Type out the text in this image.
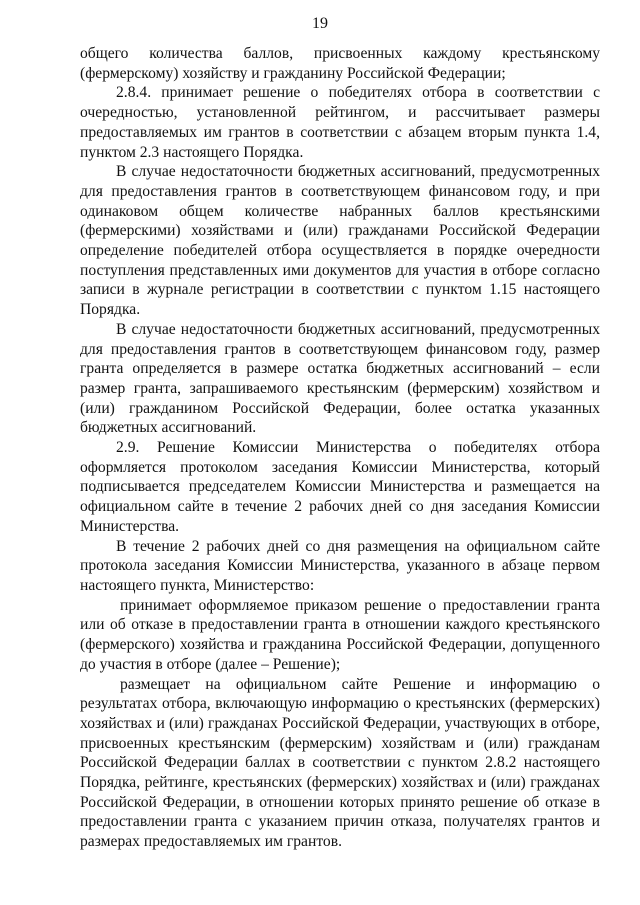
19

общего количества баллов, присвоенных каждому крестьянскому (фермерскому) хозяйству и гражданину Российской Федерации;

2.8.4. принимает решение о победителях отбора в соответствии с очередностью, установленной рейтингом, и рассчитывает размеры предоставляемых им грантов в соответствии с абзацем вторым пункта 1.4, пунктом 2.3 настоящего Порядка.

В случае недостаточности бюджетных ассигнований, предусмотренных для предоставления грантов в соответствующем финансовом году, и при одинаковом общем количестве набранных баллов крестьянскими (фермерскими) хозяйствами и (или) гражданами Российской Федерации определение победителей отбора осуществляется в порядке очередности поступления представленных ими документов для участия в отборе согласно записи в журнале регистрации в соответствии с пунктом 1.15 настоящего Порядка.

В случае недостаточности бюджетных ассигнований, предусмотренных для предоставления грантов в соответствующем финансовом году, размер гранта определяется в размере остатка бюджетных ассигнований – если размер гранта, запрашиваемого крестьянским (фермерским) хозяйством и (или) гражданином Российской Федерации, более остатка указанных бюджетных ассигнований.

2.9. Решение Комиссии Министерства о победителях отбора оформляется протоколом заседания Комиссии Министерства, который подписывается председателем Комиссии Министерства и размещается на официальном сайте в течение 2 рабочих дней со дня заседания Комиссии Министерства.

В течение 2 рабочих дней со дня размещения на официальном сайте протокола заседания Комиссии Министерства, указанного в абзаце первом настоящего пункта, Министерство:

принимает оформляемое приказом решение о предоставлении гранта или об отказе в предоставлении гранта в отношении каждого крестьянского (фермерского) хозяйства и гражданина Российской Федерации, допущенного до участия в отборе (далее – Решение);

размещает на официальном сайте Решение и информацию о результатах отбора, включающую информацию о крестьянских (фермерских) хозяйствах и (или) гражданах Российской Федерации, участвующих в отборе, присвоенных крестьянским (фермерским) хозяйствам и (или) гражданам Российской Федерации баллах в соответствии с пунктом 2.8.2 настоящего Порядка, рейтинге, крестьянских (фермерских) хозяйствах и (или) гражданах Российской Федерации, в отношении которых принято решение об отказе в предоставлении гранта с указанием причин отказа, получателях грантов и размерах предоставляемых им грантов.
